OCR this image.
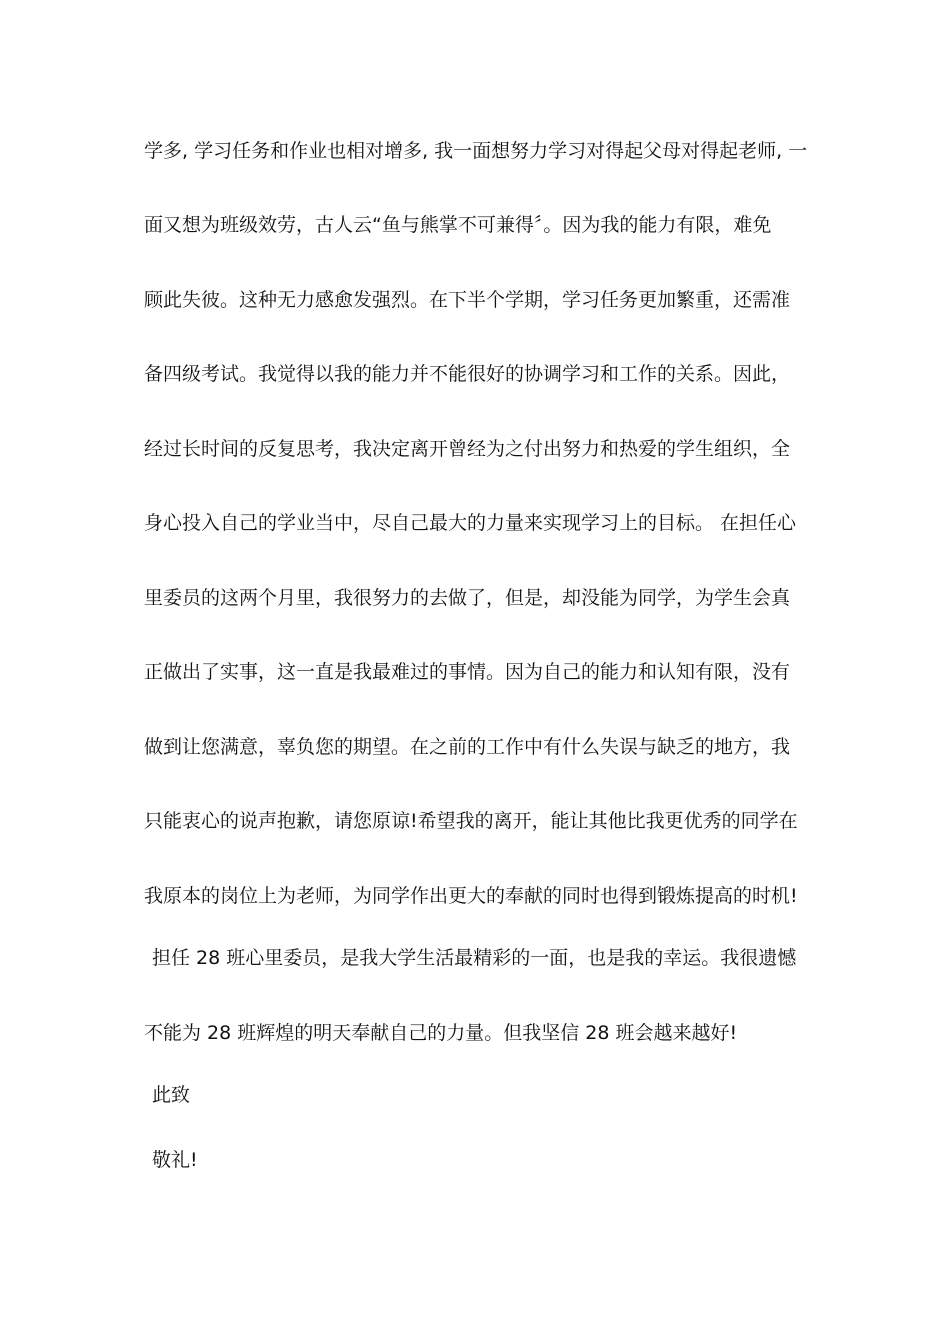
学多, 学习任务和作业也相对增多, 我一面想努力学习对得起父母对得起老师, 一
面又想为班级效劳，古人云“鱼与熊掌不可兼得〞。因为我的能力有限，难免
顾此失彼。这种无力感愈发强烈。在下半个学期，学习任务更加繁重，还需准
备四级考试。我觉得以我的能力并不能很好的协调学习和工作的关系。因此，
经过长时间的反复思考，我决定离开曾经为之付出努力和热爱的学生组织，全
身心投入自己的学业当中，尽自己最大的力量来实现学习上的目标。 在担任心
里委员的这两个月里，我很努力的去做了，但是，却没能为同学，为学生会真
正做出了实事，这一直是我最难过的事情。因为自己的能力和认知有限，没有
做到让您满意，辜负您的期望。在之前的工作中有什么失误与缺乏的地方，我
只能衷心的说声抱歉，请您原谅!希望我的离开，能让其他比我更优秀的同学在
我原本的岗位上为老师，为同学作出更大的奉献的同时也得到锻炼提高的时机!
担任 28 班心里委员，是我大学生活最精彩的一面，也是我的幸运。我很遗憾
不能为 28 班辉煌的明天奉献自己的力量。但我坚信 28 班会越来越好!
此致
敬礼!
